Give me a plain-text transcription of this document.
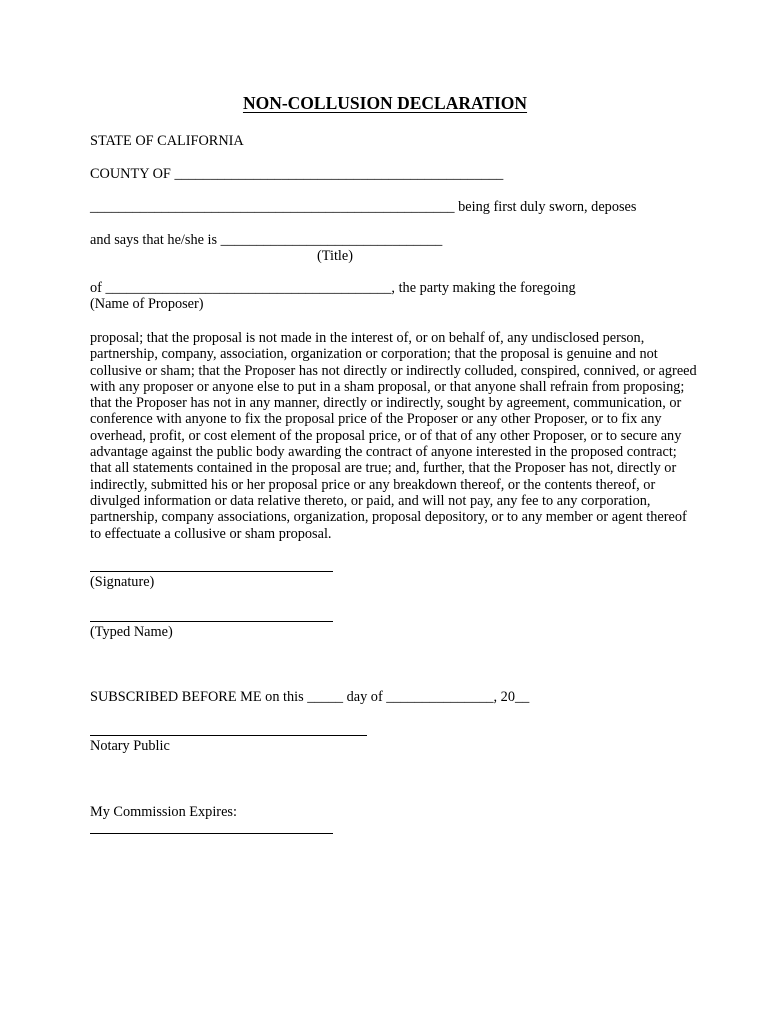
NON-COLLUSION DECLARATION
STATE OF CALIFORNIA
COUNTY OF ______________________________________________
___________________________________________________ being first duly sworn, deposes
and says that he/she is _______________________________
(Title)
of ________________________________________, the party making the foregoing
(Name of Proposer)
proposal; that the proposal is not made in the interest of, or on behalf of, any undisclosed person,
partnership, company, association, organization or corporation; that the proposal is genuine and not
collusive or sham; that the Proposer has not directly or indirectly colluded, conspired, connived, or agreed
with any proposer or anyone else to put in a sham proposal, or that anyone shall refrain from proposing;
that the Proposer has not in any manner, directly or indirectly, sought by agreement, communication, or
conference with anyone to fix the proposal price of the Proposer or any other Proposer, or to fix any
overhead, profit, or cost element of the proposal price, or of that of any other Proposer, or to secure any
advantage against the public body awarding the contract of anyone interested in the proposed contract;
that all statements contained in the proposal are true; and, further, that the Proposer has not, directly or
indirectly, submitted his or her proposal price or any breakdown thereof, or the contents thereof, or
divulged information or data relative thereto, or paid, and will not pay, any fee to any corporation,
partnership, company associations, organization, proposal depository, or to any member or agent thereof
to effectuate a collusive or sham proposal.
(Signature)
(Typed Name)
SUBSCRIBED BEFORE ME on this _____ day of _______________, 20__
Notary Public
My Commission Expires:
